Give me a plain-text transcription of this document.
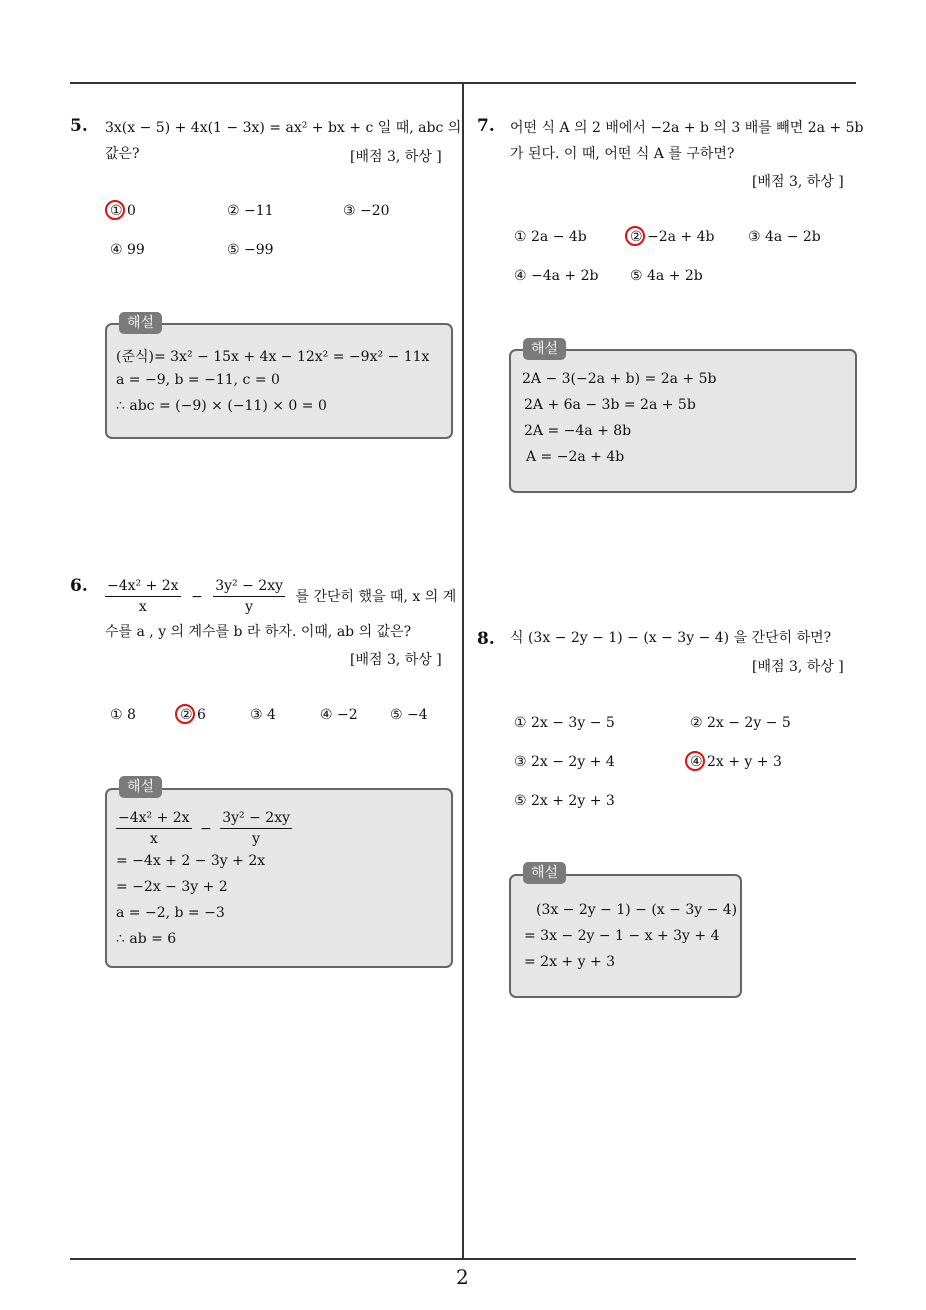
5. 3x(x − 5) + 4x(1 − 3x) = ax² + bx + c 일 때, abc 의
값은?	[배점 3, 하상 ]
① 0	② −11	③ −20
④ 99	⑤ −99
해설
(준식)= 3x² − 15x + 4x − 12x² = −9x² − 11x
a = −9, b = −11, c = 0
∴ abc = (−9) × (−11) × 0 = 0
6. $\frac{\text{−4x² + 2x}}{x} - \frac{\text{3y² − 2xy}}{y}$ 를 간단히 했을 때, x 의 계
수를 a , y 의 계수를 b 라 하자. 이때, ab 의 값은?
[배점 3, 하상 ]
① 8	② 6	③ 4	④ −2 ⑤ −4
해설
$\frac{\text{−4x² + 2x}}{x} - \frac{\text{3y² − 2xy}}{y}$
= −4x + 2 − 3y + 2x
= −2x − 3y + 2
a = −2, b = −3
∴ ab = 6
7. 어떤 식 A 의 2 배에서 −2a + b 의 3 배를 빼면 2a + 5b
가 된다. 이 때, 어떤 식 A 를 구하면?
[배점 3, 하상 ]
① 2a − 4b	② −2a + 4b ③ 4a − 2b
④ −4a + 2b ⑤ 4a + 2b
해설
2A − 3(−2a + b) = 2a + 5b
2A + 6a − 3b = 2a + 5b
2A = −4a + 8b
A = −2a + 4b
8. 식 (3x − 2y − 1) − (x − 3y − 4) 을 간단히 하면?
[배점 3, 하상 ]
① 2x − 3y − 5	② 2x − 2y − 5
③ 2x − 2y + 4	④ 2x + y + 3
⑤ 2x + 2y + 3
해설
(3x − 2y − 1) − (x − 3y − 4)
= 3x − 2y − 1 − x + 3y + 4
= 2x + y + 3
2
